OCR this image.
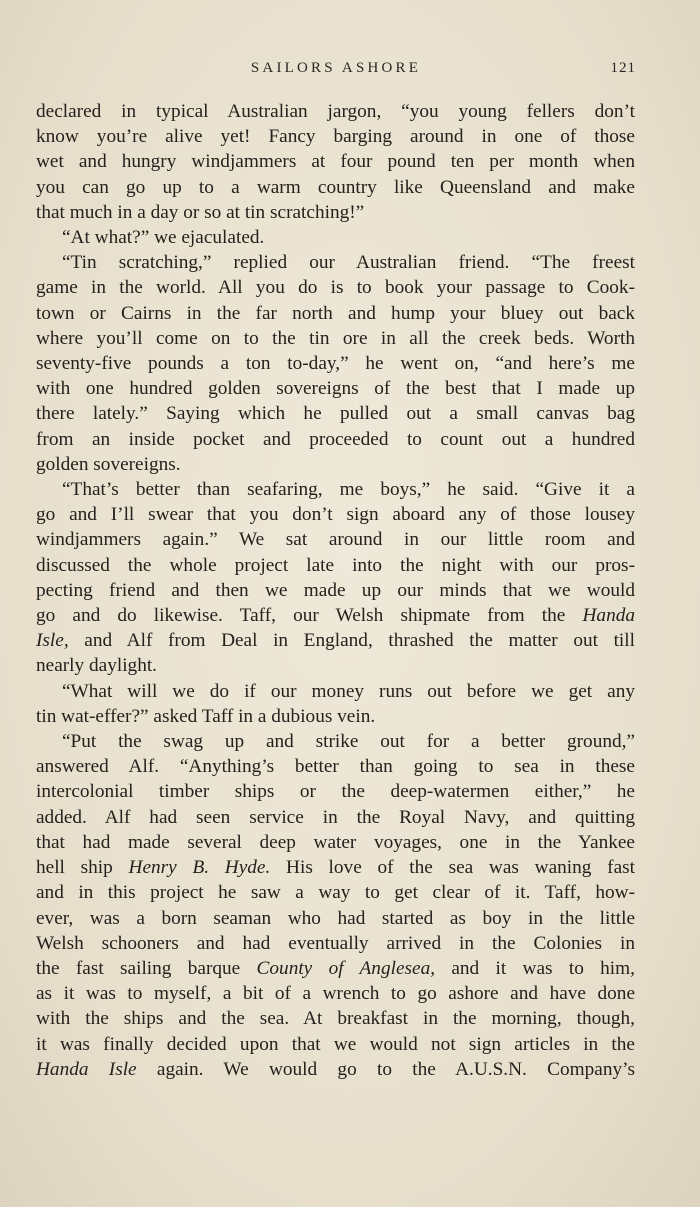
SAILORS ASHORE	121
declared in typical Australian jargon, “you young fellers don’t
know you’re alive yet! Fancy barging around in one of those
wet and hungry windjammers at four pound ten per month when
you can go up to a warm country like Queensland and make
that much in a day or so at tin scratching!”
“At what?” we ejaculated.
“Tin scratching,” replied our Australian friend. “The freest
game in the world. All you do is to book your passage to Cook-
town or Cairns in the far north and hump your bluey out back
where you’ll come on to the tin ore in all the creek beds. Worth
seventy-five pounds a ton to-day,” he went on, “and here’s me
with one hundred golden sovereigns of the best that I made up
there lately.” Saying which he pulled out a small canvas bag
from an inside pocket and proceeded to count out a hundred
golden sovereigns.
“That’s better than seafaring, me boys,” he said. “Give it a
go and I’ll swear that you don’t sign aboard any of those lousey
windjammers again.” We sat around in our little room and
discussed the whole project late into the night with our pros-
pecting friend and then we made up our minds that we would
go and do likewise. Taff, our Welsh shipmate from the Handa
Isle, and Alf from Deal in England, thrashed the matter out till
nearly daylight.
“What will we do if our money runs out before we get any
tin wat-effer?” asked Taff in a dubious vein.
“Put the swag up and strike out for a better ground,”
answered Alf. “Anything’s better than going to sea in these
intercolonial timber ships or the deep-watermen either,” he
added. Alf had seen service in the Royal Navy, and quitting
that had made several deep water voyages, one in the Yankee
hell ship Henry B. Hyde. His love of the sea was waning fast
and in this project he saw a way to get clear of it. Taff, how-
ever, was a born seaman who had started as boy in the little
Welsh schooners and had eventually arrived in the Colonies in
the fast sailing barque County of Anglesea, and it was to him,
as it was to myself, a bit of a wrench to go ashore and have done
with the ships and the sea. At breakfast in the morning, though,
it was finally decided upon that we would not sign articles in the
Handa Isle again. We would go to the A.U.S.N. Company’s
